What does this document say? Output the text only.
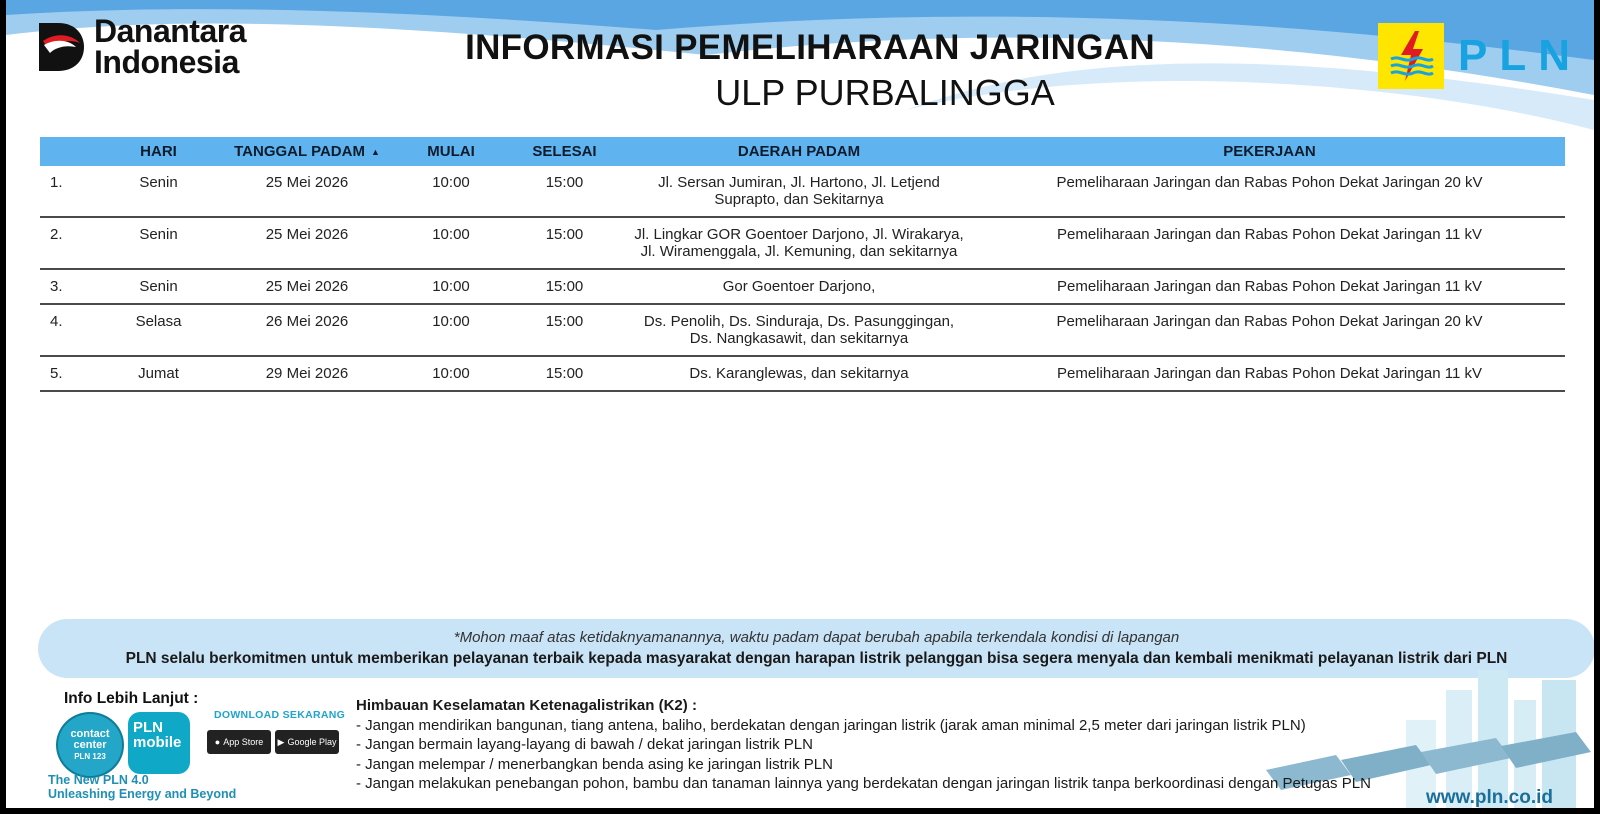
Danantara
Indonesia	INFORMASI PEMELIHARAAN JARINGAN
ULP PURBALINGGA
PLN
	HARI	TANGGAL PADAM ▲	MULAI	SELESAI	DAERAH PADAM	PEKERJAAN
1.	Senin	25 Mei 2026	10:00	15:00	Jl. Sersan Jumiran, Jl. Hartono, Jl. Letjend Suprapto, dan Sekitarnya	Pemeliharaan Jaringan dan Rabas Pohon Dekat Jaringan 20 kV
2.	Senin	25 Mei 2026	10:00	15:00	Jl. Lingkar GOR Goentoer Darjono, Jl. Wirakarya, Jl. Wiramenggala, Jl. Kemuning, dan sekitarnya	Pemeliharaan Jaringan dan Rabas Pohon Dekat Jaringan 11 kV
3.	Senin	25 Mei 2026	10:00	15:00	Gor Goentoer Darjono,	Pemeliharaan Jaringan dan Rabas Pohon Dekat Jaringan 11 kV
4.	Selasa	26 Mei 2026	10:00	15:00	Ds. Penolih, Ds. Sinduraja, Ds. Pasunggingan, Ds. Nangkasawit, dan sekitarnya	Pemeliharaan Jaringan dan Rabas Pohon Dekat Jaringan 20 kV
5.	Jumat	29 Mei 2026	10:00	15:00	Ds. Karanglewas, dan sekitarnya	Pemeliharaan Jaringan dan Rabas Pohon Dekat Jaringan 11 kV
*Mohon maaf atas ketidaknyamanannya, waktu padam dapat berubah apabila terkendala kondisi di lapangan
PLN selalu berkomitmen untuk memberikan pelayanan terbaik kepada masyarakat dengan harapan listrik pelanggan bisa segera menyala dan kembali menikmati pelayanan listrik dari PLN
Info Lebih Lanjut :
contact
center
PLN 123
PLN
mobile
DOWNLOAD SEKARANG
● App Store ▶ Google Play
The New PLN 4.0
Unleashing Energy and Beyond
Himbauan Keselamatan Ketenagalistrikan (K2) :
- Jangan mendirikan bangunan, tiang antena, baliho, berdekatan dengan jaringan listrik (jarak aman minimal 2,5 meter dari jaringan listrik PLN)
- Jangan bermain layang-layang di bawah / dekat jaringan listrik PLN
- Jangan melempar / menerbangkan benda asing ke jaringan listrik PLN
- Jangan melakukan penebangan pohon, bambu dan tanaman lainnya yang berdekatan dengan jaringan listrik tanpa berkoordinasi dengan Petugas PLN
www.pln.co.id
